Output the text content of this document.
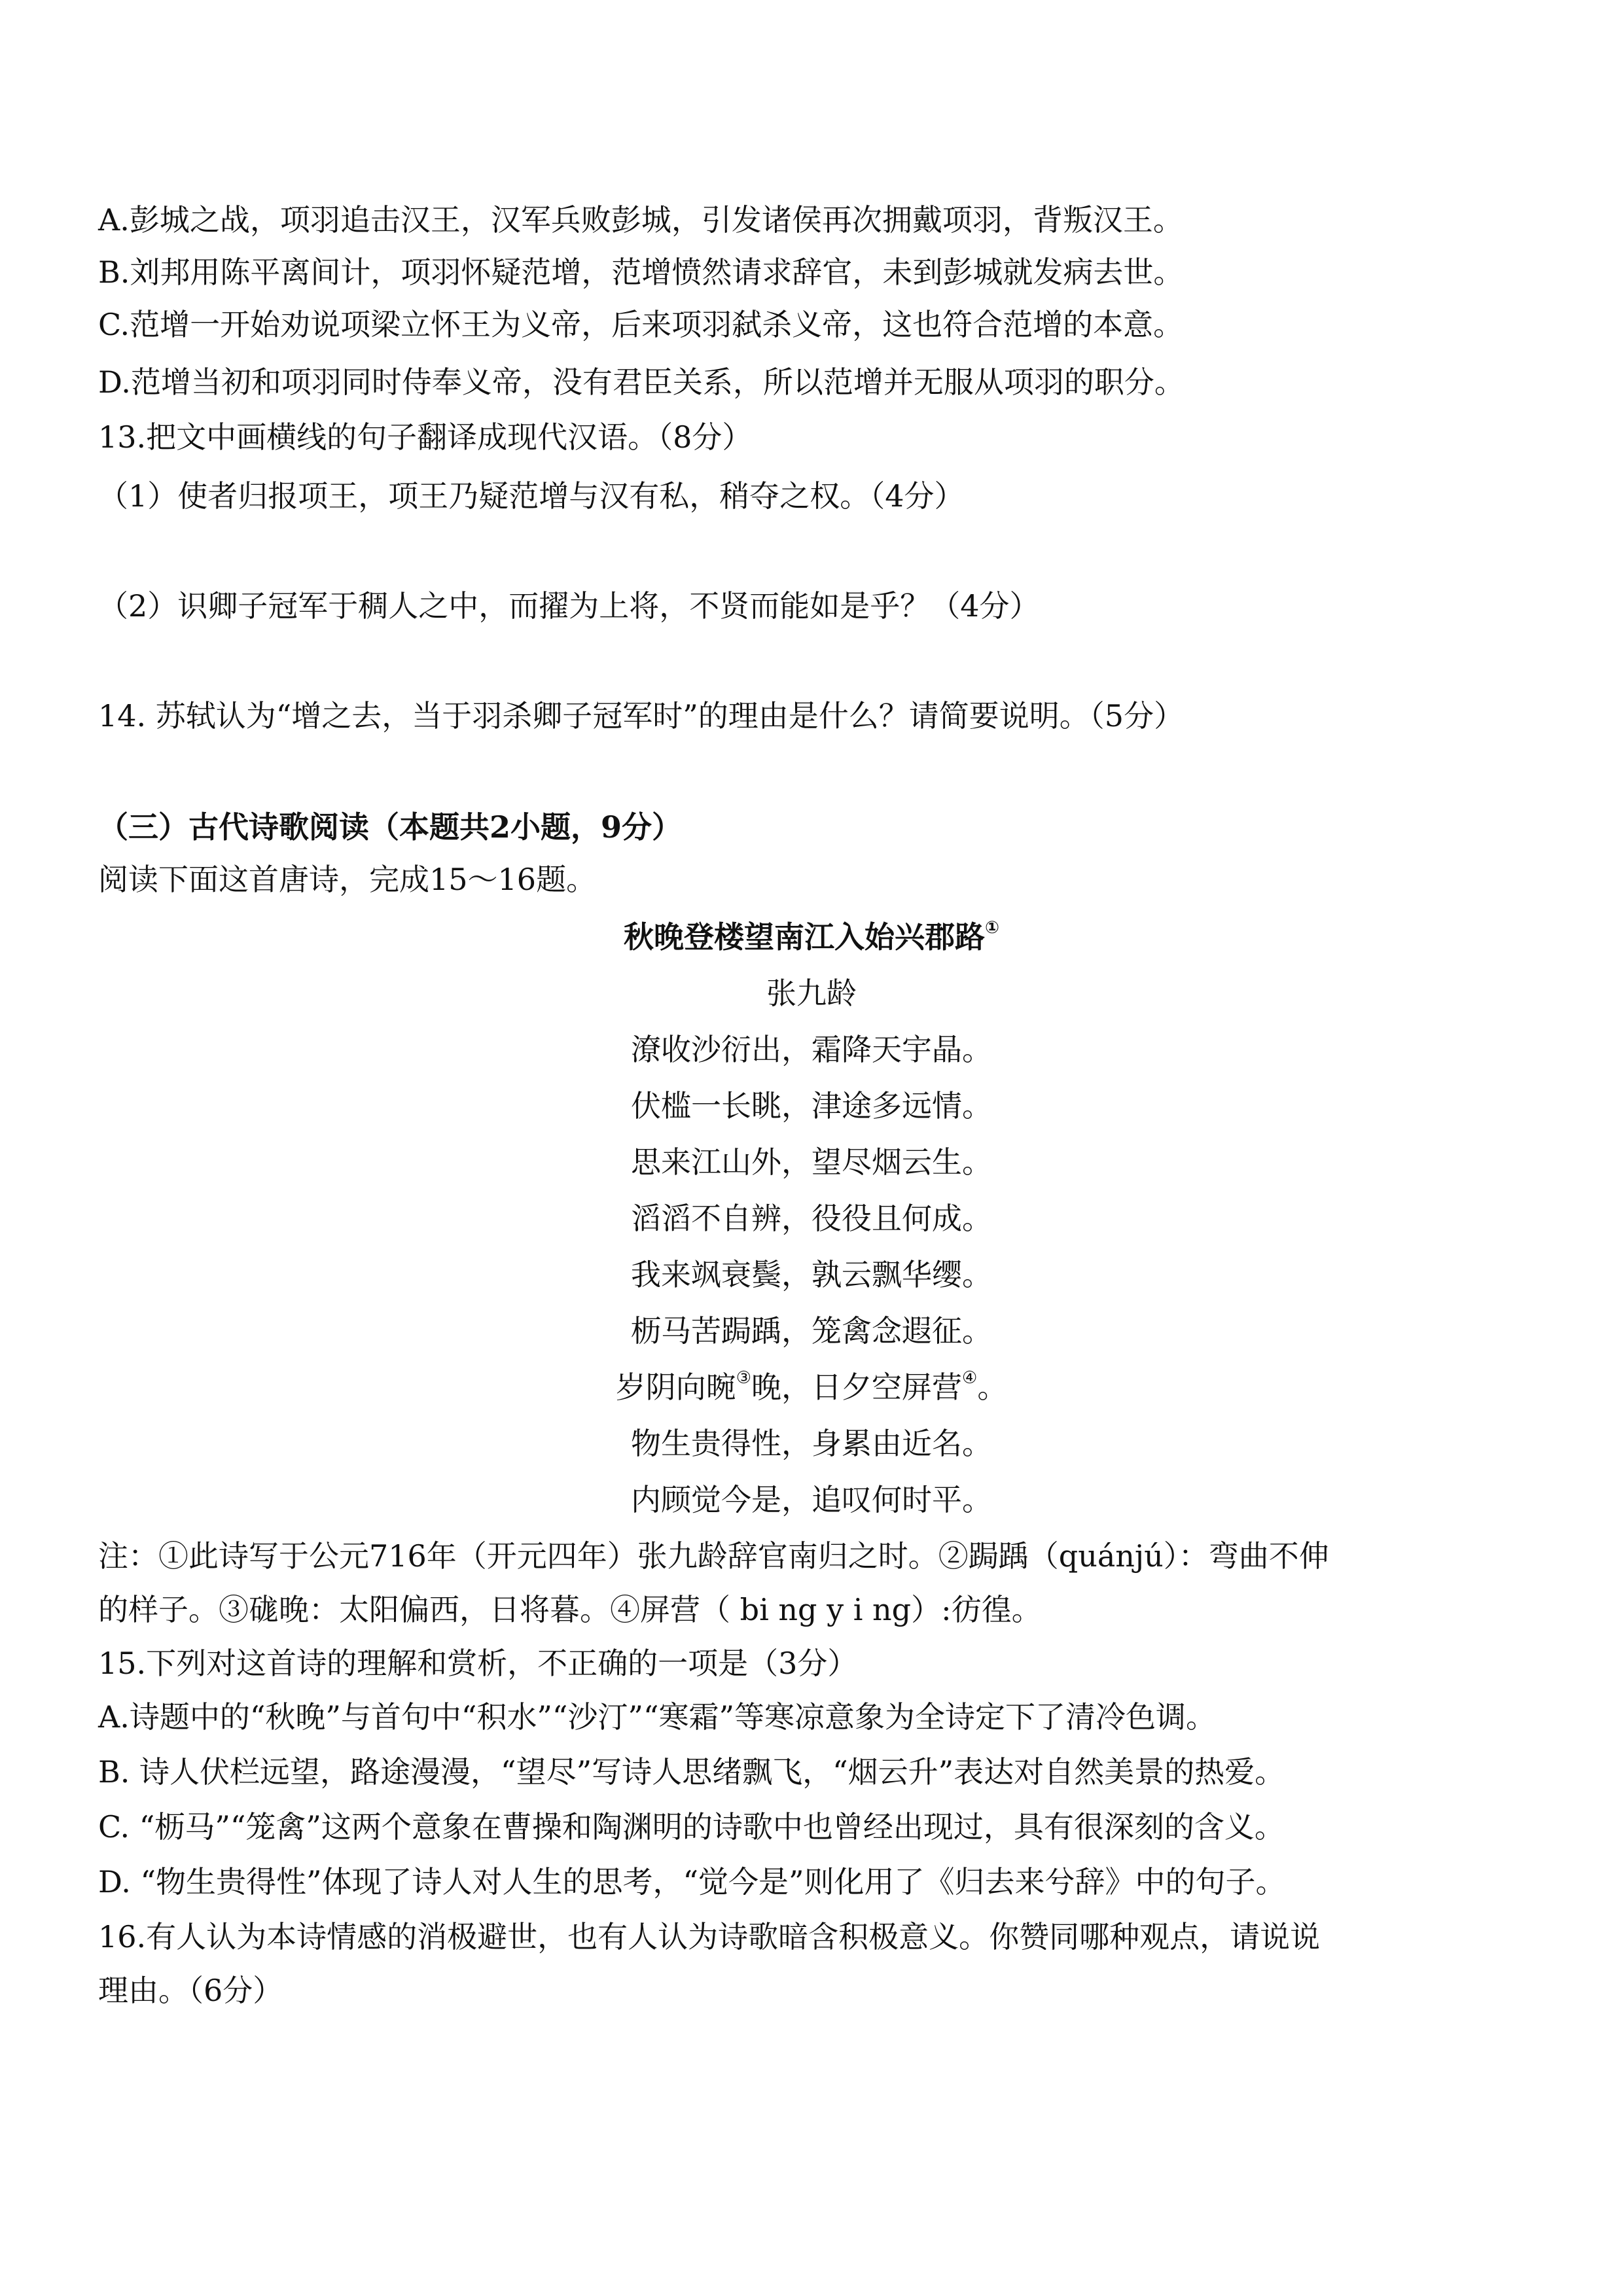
A.彭城之战，项羽追击汉王，汉军兵败彭城，引发诸侯再次拥戴项羽，背叛汉王。
B.刘邦用陈平离间计，项羽怀疑范增，范增愤然请求辞官，未到彭城就发病去世。
C.范增一开始劝说项梁立怀王为义帝，后来项羽弑杀义帝，这也符合范增的本意。
D.范增当初和项羽同时侍奉义帝，没有君臣关系，所以范增并无服从项羽的职分。
13.把文中画横线的句子翻译成现代汉语。（8分）
（1）使者归报项王，项王乃疑范增与汉有私，稍夺之权。（4分）
（2）识卿子冠军于稠人之中，而擢为上将，不贤而能如是乎？（4分）
14. 苏轼认为“增之去，当于羽杀卿子冠军时”的理由是什么？请简要说明。（5分）
（三）古代诗歌阅读（本题共2小题，9分）
阅读下面这首唐诗，完成15～16题。
秋晚登楼望南江入始兴郡路①
张九龄
潦收沙衍出，霜降天宇晶。
伏槛一长眺，津途多远情。
思来江山外，望尽烟云生。
滔滔不自辨，役役且何成。
我来飒衰鬓，孰云飘华缨。
枥马苦跼踽，笼禽念遐征。
岁阴向晼③晚，日夕空屏营④。
物生贵得性，身累由近名。
内顾觉今是，追叹何时平。
注：①此诗写于公元716年（开元四年）张九龄辞官南归之时。②跼踽（quánjú）：弯曲不伸
的样子。③硥晚：太阳偏西，日将暮。④屏营（ bi ng y i ng）:彷徨。
15.下列对这首诗的理解和赏析，不正确的一项是（3分）
A.诗题中的“秋晚”与首句中“积水”“沙汀”“寒霜”等寒凉意象为全诗定下了清冷色调。
B. 诗人伏栏远望，路途漫漫，“望尽”写诗人思绪飘飞，“烟云升”表达对自然美景的热爱。
C. “枥马”“笼禽”这两个意象在曹操和陶渊明的诗歌中也曾经出现过，具有很深刻的含义。
D. “物生贵得性”体现了诗人对人生的思考，“觉今是”则化用了《归去来兮辞》中的句子。
16.有人认为本诗情感的消极避世，也有人认为诗歌暗含积极意义。你赞同哪种观点，请说说
理由。（6分）
